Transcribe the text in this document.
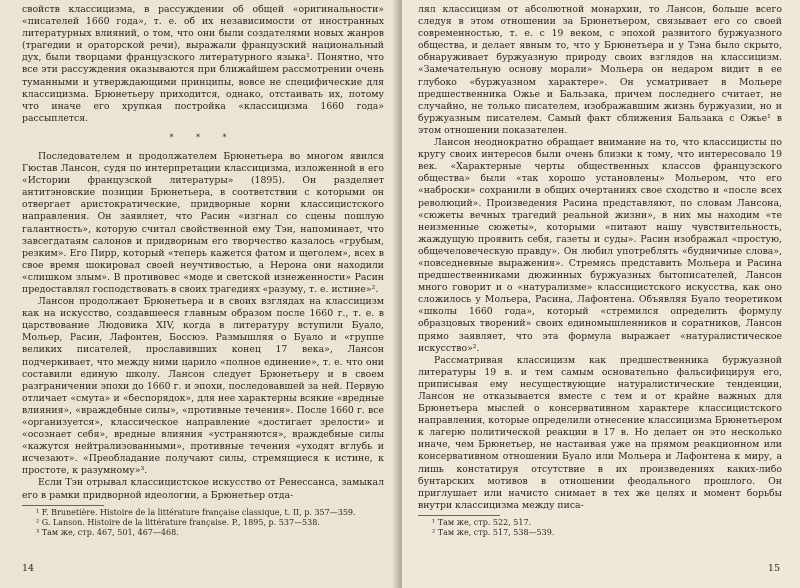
свойств классицизма, в рассуждении об общей «оригинальности» «писателей 1660 года», т. е. об их независимости от иностранных литературных влияний, о том, что они были создателями новых жанров (трагедии и ораторской речи), выражали французский национальный дух, были творцами французского литературного языка¹. Понятно, что все эти рассуждения оказываются при ближайшем рассмотрении очень туманными и утверждающими принципы, вовсе не специфические для классицизма. Брюнетьеру приходится, однако, отстаивать их, потому что иначе его хрупкая постройка «классицизма 1660 года» рассыплется.

* * *

Последователем и продолжателем Брюнетьера во многом явился Гюстав Лансон, судя по интерпретации классицизма, изложенной в его «Истории французской литературы» (1895). Он разделяет антитэновские позиции Брюнетьера, в соответствии с которыми он отвергает аристократические, придворные корни классицистского направления. Он заявляет, что Расин «изгнал со сцены пошлую галантность», которую считал свойственной ему Тэн, напоминает, что завсегдатаям салонов и придворным его творчество казалось «грубым, резким». Его Пирр, который «теперь кажется фатом и щеголем», всех в свое время шокировал своей неучтивостью, а Нерона они находили «слишком злым». В противовес «моде и светской изнеженности» Расин предоставлял господствовать в своих трагедиях «разуму, т. е. истине»².

Лансон продолжает Брюнетьера и в своих взглядах на классицизм как на искусство, создавшееся главным образом после 1660 г., т. е. в царствование Людовика XIV, когда в литературу вступили Буало, Мольер, Расин, Лафонтен, Боссюэ. Размышляя о Буало и «группе великих писателей, прославивших конец 17 века», Лансон подчеркивает, что между ними царило «полное единение», т. е. что они составили единую школу. Лансон следует Брюнетьеру и в своем разграничении эпохи до 1660 г. и эпохи, последовавшей за ней. Первую отличает «смута» и «беспорядок», для нее характерны всякие «вредные влияния», «враждебные силы», «противные течения». После 1660 г. все «организуется», классическое направление «достигает зрелости» и «осознает себя», вредные влияния «устраняются», враждебные силы «кажутся нейтрализованными», противные течения «уходят вглубь и исчезают». «Преобладание получают силы, стремящиеся к истине, к простоте, к разумному»³.

Если Тэн отрывал классицистское искусство от Ренессанса, замыкал его в рамки придворной идеологии, а Брюнетьер отда-

¹ F. Brunetière. Histoire de la littérature française classique, t. II, p. 357—359.

² G. Lanson. Histoire de la littérature française. P., 1895, p. 537—538.

³ Там же, стр. 467, 501, 467—468.

14

лял классицизм от абсолютной монархии, то Лансон, больше всего следуя в этом отношении за Брюнетьером, связывает его со своей современностью, т. е. с 19 веком, с эпохой развитого буржуазного общества, и делает явным то, что у Брюнетьера и у Тэна было скрыто, обнаруживает буржуазную природу своих взглядов на классицизм. «Замечательную основу морали» Мольера он недаром видит в ее глубоко «буржуазном характере». Он усматривает в Мольере предшественника Ожье и Бальзака, причем последнего считает, не случайно, не только писателем, изображавшим жизнь буржуазии, но и буржуазным писателем. Самый факт сближения Бальзака с Ожье¹ в этом отношении показателен.

Лансон неоднократно обращает внимание на то, что классицисты по кругу своих интересов были очень близки к тому, что интересовало 19 век. «Характерные черты общественных классов французского общества» были «так хорошо установлены» Мольером, что его «наброски» сохранили в общих очертаниях свое сходство и «после всех революций». Произведения Расина представляют, по словам Лансона, «сюжеты вечных трагедий реальной жизни», в них мы находим «те неизменные сюжеты», которыми «питают нашу чувствительность, жаждущую проявить себя, газеты и суды». Расин изображал «простую, общечеловеческую правду». Он любил употреблять «будничные слова», «повседневные выражения». Стремясь представить Мольера и Расина предшественниками дюжинных буржуазных бытописателей, Лансон много говорит и о «натурализме» классицистского искусства, как оно сложилось у Мольера, Расина, Лафонтена. Объявляя Буало теоретиком «школы 1660 года», который «стремился определить формулу образцовых творений» своих единомышленников и соратников, Лансон прямо заявляет, что эта формула выражает «натуралистическое искусство»².

Рассматривая классицизм как предшественника буржуазной литературы 19 в. и тем самым основательно фальсифицируя его, приписывая ему несуществующие натуралистические тенденции, Лансон не отказывается вместе с тем и от крайне важных для Брюнетьера мыслей о консервативном характере классицистского направления, которые определили отнесение классицизма Брюнетьером к лагерю политической реакции в 17 в. Но делает он это несколько иначе, чем Брюнетьер, не настаивая уже на прямом реакционном или консервативном отношении Буало или Мольера и Лафонтена к миру, а лишь констатируя отсутствие в их произведениях каких-либо бунтарских мотивов в отношении феодального прошлого. Он приглушает или начисто снимает в тех же целях и момент борьбы внутри классицизма между писа-

¹ Там же, стр. 522, 517.

² Там же, стр. 517, 538—539.

15
